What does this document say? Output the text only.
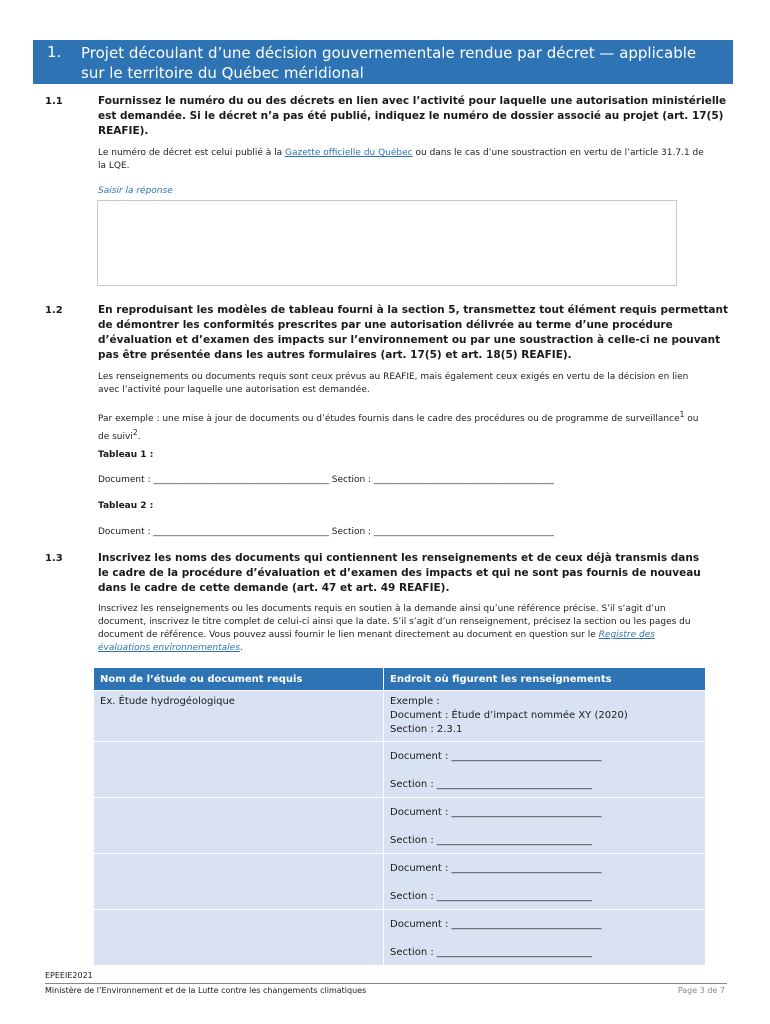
1.	Projet découlant d’une décision gouvernementale rendue par décret — applicable
sur le territoire du Québec méridional
1.1	Fournissez le numéro du ou des décrets en lien avec l’activité pour laquelle une autorisation ministérielle est demandée. Si le décret n’a pas été publié, indiquez le numéro de dossier associé au projet (art. 17(5) REAFIE).
Le numéro de décret est celui publié à la Gazette officielle du Québec ou dans le cas d’une soustraction en vertu de l’article 31.7.1 de la LQE.
Saisir la réponse
1.2	En reproduisant les modèles de tableau fourni à la section 5, transmettez tout élément requis permettant de démontrer les conformités prescrites par une autorisation délivrée au terme d’une procédure d’évaluation et d’examen des impacts sur l’environnement ou par une soustraction à celle-ci ne pouvant pas être présentée dans les autres formulaires (art. 17(5) et art. 18(5) REAFIE).
Les renseignements ou documents requis sont ceux prévus au REAFIE, mais également ceux exigés en vertu de la décision en lien avec l’activité pour laquelle une autorisation est demandée.
Par exemple : une mise à jour de documents ou d’études fournis dans le cadre des procédures ou de programme de surveillance$^1$ ou de suivi$^2$.
Tableau 1 :
Document : _______________________________________ Section : ________________________________________
Tableau 2 :
Document : _______________________________________ Section : ________________________________________
1.3	Inscrivez les noms des documents qui contiennent les renseignements et de ceux déjà transmis dans le cadre de la procédure d’évaluation et d’examen des impacts et qui ne sont pas fournis de nouveau dans le cadre de cette demande (art. 47 et art. 49 REAFIE).
Inscrivez les renseignements ou les documents requis en soutien à la demande ainsi qu’une référence précise. S’il s’agit d’un document, inscrivez le titre complet de celui-ci ainsi que la date. S’il s’agit d’un renseignement, précisez la section ou les pages du document de référence. Vous pouvez aussi fournir le lien menant directement au document en question sur le Registre des évaluations environnementales.
Nom de l’étude ou document requis	Endroit où figurent les renseignements
Ex. Étude hydrogéologique	Exemple :
Document : Étude d’impact nommée XY (2020)
Section : 2.3.1

	Document : ______________________________
Section : _______________________________

	Document : ______________________________
Section : _______________________________

	Document : ______________________________
Section : _______________________________

	Document : ______________________________
Section : _______________________________
EPEEIE2021
Ministère de l’Environnement et de la Lutte contre les changements climatiques	Page 3 de 7
